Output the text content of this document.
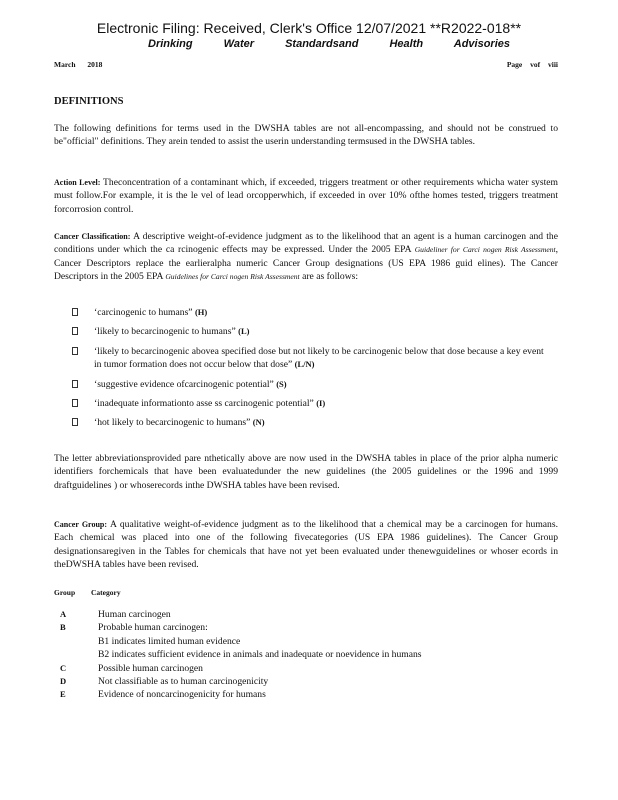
Electronic Filing: Received, Clerk's Office 12/07/2021 **R2022-018**
Drinking Water Standardsand Health Advisories
March 2018	Page vof viii
DEFINITIONS
The following definitions for terms used in the DWSHA tables are not all-encompassing, and should not be construed to be"official" definitions. They arein tended to assist the userin understanding termsused in the DWSHA tables.
Action Level: Theconcentration of a contaminant which, if exceeded, triggers treatment or other requirements whicha water system must follow.For example, it is the le vel of lead orcopperwhich, if exceeded in over 10% ofthe homes tested, triggers treatment forcorrosion control.
Cancer Classification: A descriptive weight-of-evidence judgment as to the likelihood that an agent is a human carcinogen and the conditions under which the ca rcinogenic effects may be expressed. Under the 2005 EPA Guideliner for Carci nogen Risk Assessment, Cancer Descriptors replace the earlieralpha numeric Cancer Group designations (US EPA 1986 guid elines). The Cancer Descriptors in the 2005 EPA Guidelines for Carci nogen Risk Assessment are as follows:
‘carcinogenic to humans” (H)
‘likely to becarcinogenic to humans” (L)
‘likely to becarcinogenic abovea specified dose but not likely to be carcinogenic below that dose because a key event in tumor formation does not occur below that dose” (L/N)
‘suggestive evidence ofcarcinogenic potential” (S)
‘inadequate informationto asse ss carcinogenic potential” (I)
‘hot likely to becarcinogenic to humans” (N)
The letter abbreviationsprovided pare nthetically above are now used in the DWSHA tables in place of the prior alpha numeric identifiers forchemicals that have been evaluatedunder the new guidelines (the 2005 guidelines or the 1996 and 1999 draftguidelines ) or whoserecords inthe DWSHA tables have been revised.
Cancer Group: A qualitative weight-of-evidence judgment as to the likelihood that a chemical may be a carcinogen for humans. Each chemical was placed into one of the following fivecategories (US EPA 1986 guidelines). The Cancer Group designationsaregiven in the Tables for chemicals that have not yet been evaluated under thenewguidelines or whoser ecords in theDWSHA tables have been revised.
Group Category
A	Human carcinogen
B	Probable human carcinogen:
B1 indicates limited human evidence
B2 indicates sufficient evidence in animals and inadequate or noevidence in humans
C	Possible human carcinogen
D	Not classifiable as to human carcinogenicity
E	Evidence of noncarcinogenicity for humans
